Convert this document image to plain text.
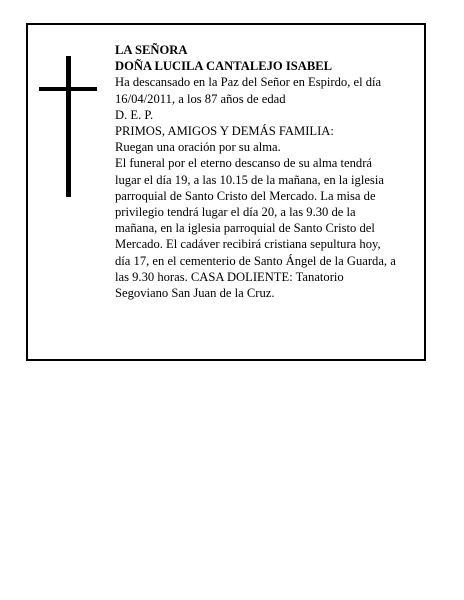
LA SEÑORA

DOÑA LUCILA CANTALEJO ISABEL

Ha descansado en la Paz del Señor en Espirdo, el día

16/04/2011, a los 87 años de edad

D. E. P.

PRIMOS, AMIGOS Y DEMÁS FAMILIA:

Ruegan una oración por su alma.

El funeral por el eterno descanso de su alma tendrá

lugar el día 19, a las 10.15 de la mañana, en la iglesia

parroquial de Santo Cristo del Mercado. La misa de

privilegio tendrá lugar el día 20, a las 9.30 de la

mañana, en la iglesia parroquial de Santo Cristo del

Mercado. El cadáver recibirá cristiana sepultura hoy,

día 17, en el cementerio de Santo Ángel de la Guarda, a

las 9.30 horas. CASA DOLIENTE: Tanatorio

Segoviano San Juan de la Cruz.
